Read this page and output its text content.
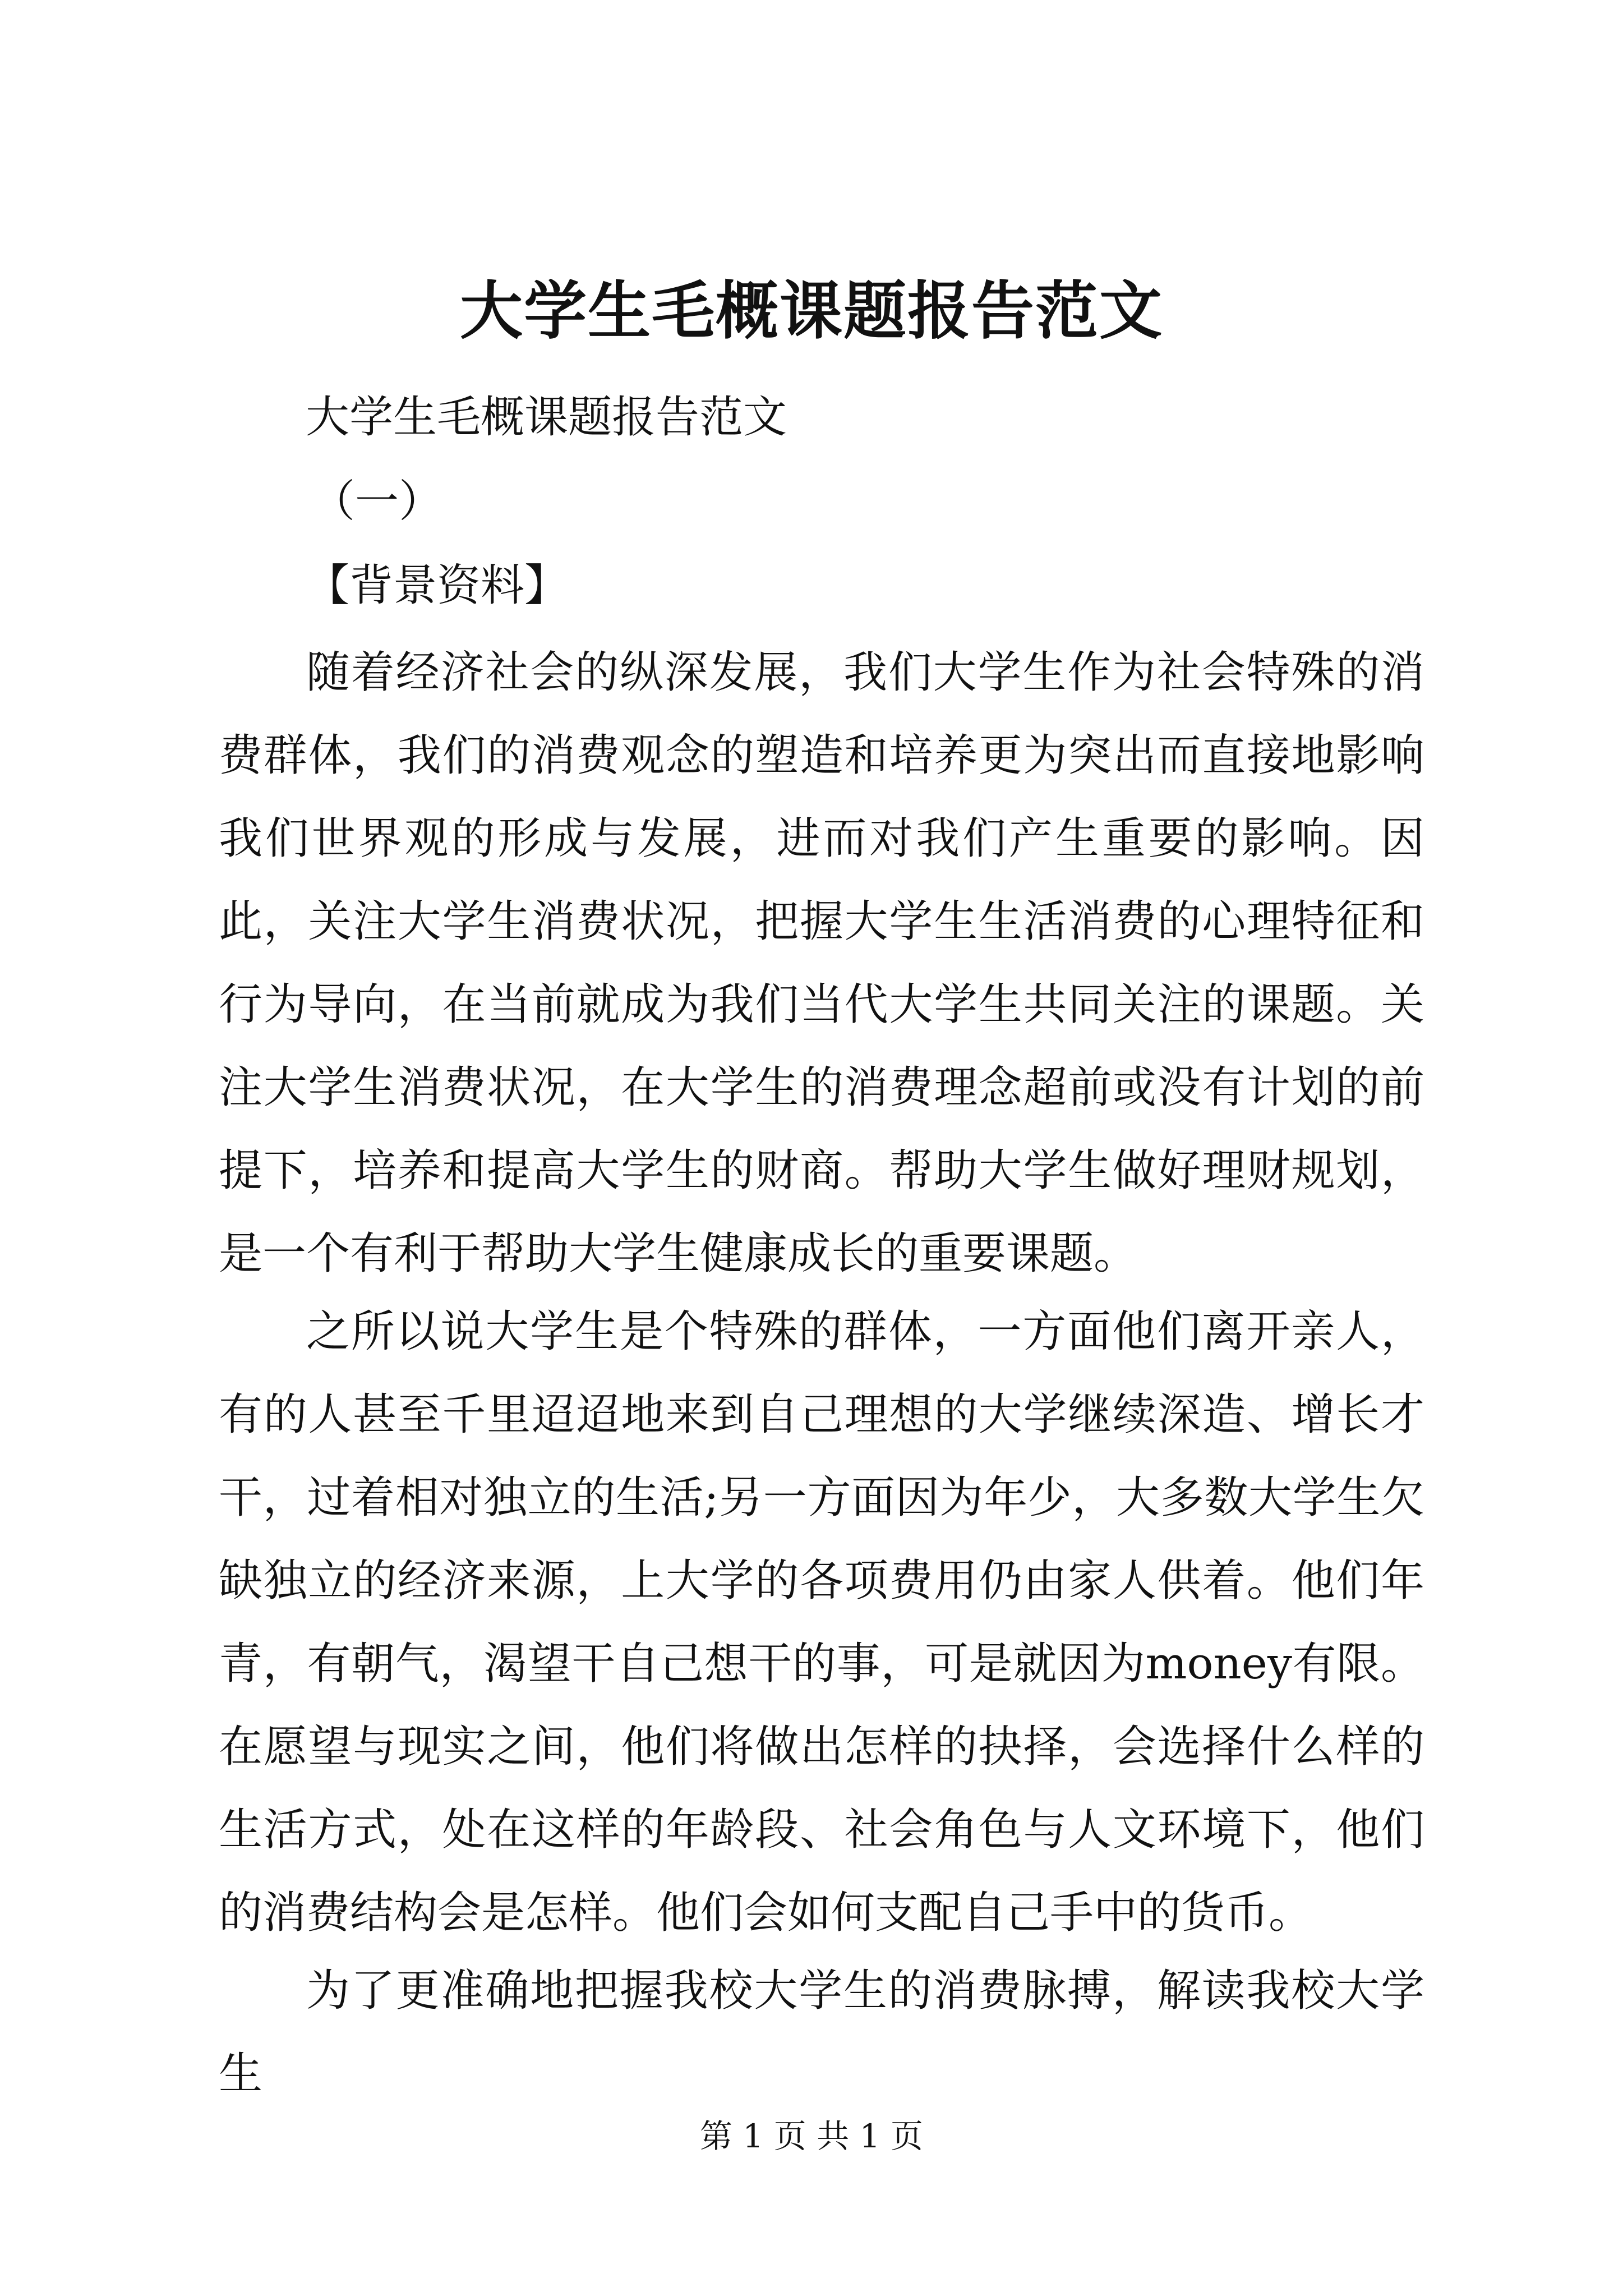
大学生毛概课题报告范文

大学生毛概课题报告范文

（一）

【背景资料】

随着经济社会的纵深发展，我们大学生作为社会特殊的消费群体，我们的消费观念的塑造和培养更为突出而直接地影响我们世界观的形成与发展，进而对我们产生重要的影响。因此，关注大学生消费状况，把握大学生生活消费的心理特征和行为导向，在当前就成为我们当代大学生共同关注的课题。关注大学生消费状况，在大学生的消费理念超前或没有计划的前提下，培养和提高大学生的财商。帮助大学生做好理财规划，是一个有利于帮助大学生健康成长的重要课题。

之所以说大学生是个特殊的群体，一方面他们离开亲人，有的人甚至千里迢迢地来到自己理想的大学继续深造、增长才干，过着相对独立的生活;另一方面因为年少，大多数大学生欠缺独立的经济来源，上大学的各项费用仍由家人供着。他们年青，有朝气，渴望干自己想干的事，可是就因为money有限。在愿望与现实之间，他们将做出怎样的抉择，会选择什么样的生活方式，处在这样的年龄段、社会角色与人文环境下，他们的消费结构会是怎样。他们会如何支配自己手中的货币。

为了更准确地把握我校大学生的消费脉搏，解读我校大学生

第 1 页 共 1 页
